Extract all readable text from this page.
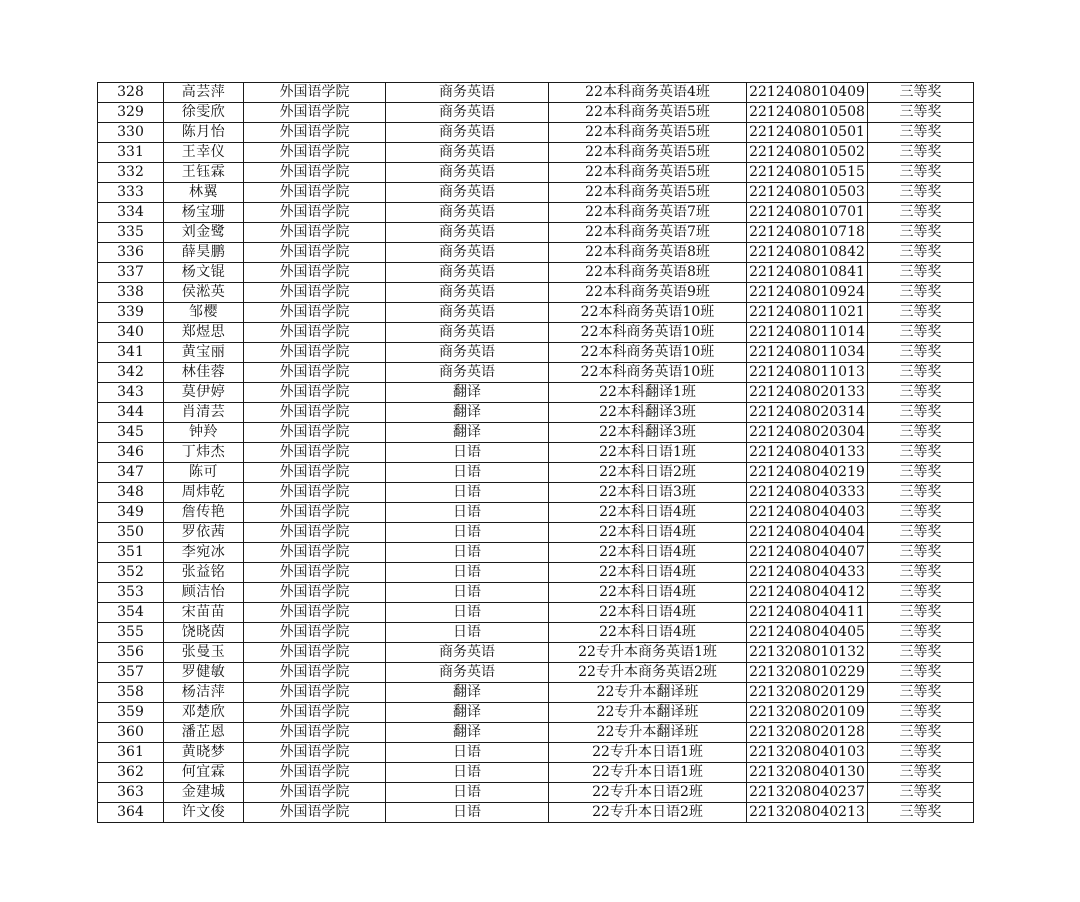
328	高芸萍	外国语学院	商务英语	22本科商务英语4班	2212408010409	三等奖
329	徐雯欣	外国语学院	商务英语	22本科商务英语5班	2212408010508	三等奖
330	陈月怡	外国语学院	商务英语	22本科商务英语5班	2212408010501	三等奖
331	王幸仪	外国语学院	商务英语	22本科商务英语5班	2212408010502	三等奖
332	王钰霖	外国语学院	商务英语	22本科商务英语5班	2212408010515	三等奖
333	林翼	外国语学院	商务英语	22本科商务英语5班	2212408010503	三等奖
334	杨宝珊	外国语学院	商务英语	22本科商务英语7班	2212408010701	三等奖
335	刘金鹭	外国语学院	商务英语	22本科商务英语7班	2212408010718	三等奖
336	薛昊鹏	外国语学院	商务英语	22本科商务英语8班	2212408010842	三等奖
337	杨文锟	外国语学院	商务英语	22本科商务英语8班	2212408010841	三等奖
338	侯淞英	外国语学院	商务英语	22本科商务英语9班	2212408010924	三等奖
339	邹樱	外国语学院	商务英语	22本科商务英语10班	2212408011021	三等奖
340	郑煜思	外国语学院	商务英语	22本科商务英语10班	2212408011014	三等奖
341	黄宝丽	外国语学院	商务英语	22本科商务英语10班	2212408011034	三等奖
342	林佳蓉	外国语学院	商务英语	22本科商务英语10班	2212408011013	三等奖
343	莫伊婷	外国语学院	翻译	22本科翻译1班	2212408020133	三等奖
344	肖清芸	外国语学院	翻译	22本科翻译3班	2212408020314	三等奖
345	钟羚	外国语学院	翻译	22本科翻译3班	2212408020304	三等奖
346	丁炜杰	外国语学院	日语	22本科日语1班	2212408040133	三等奖
347	陈可	外国语学院	日语	22本科日语2班	2212408040219	三等奖
348	周炜乾	外国语学院	日语	22本科日语3班	2212408040333	三等奖
349	詹传艳	外国语学院	日语	22本科日语4班	2212408040403	三等奖
350	罗依茜	外国语学院	日语	22本科日语4班	2212408040404	三等奖
351	李宛冰	外国语学院	日语	22本科日语4班	2212408040407	三等奖
352	张益铭	外国语学院	日语	22本科日语4班	2212408040433	三等奖
353	顾洁怡	外国语学院	日语	22本科日语4班	2212408040412	三等奖
354	宋苗苗	外国语学院	日语	22本科日语4班	2212408040411	三等奖
355	饶晓茵	外国语学院	日语	22本科日语4班	2212408040405	三等奖
356	张曼玉	外国语学院	商务英语	22专升本商务英语1班	2213208010132	三等奖
357	罗健敏	外国语学院	商务英语	22专升本商务英语2班	2213208010229	三等奖
358	杨洁萍	外国语学院	翻译	22专升本翻译班	2213208020129	三等奖
359	邓楚欣	外国语学院	翻译	22专升本翻译班	2213208020109	三等奖
360	潘芷恩	外国语学院	翻译	22专升本翻译班	2213208020128	三等奖
361	黄晓梦	外国语学院	日语	22专升本日语1班	2213208040103	三等奖
362	何宜霖	外国语学院	日语	22专升本日语1班	2213208040130	三等奖
363	金建城	外国语学院	日语	22专升本日语2班	2213208040237	三等奖
364	许文俊	外国语学院	日语	22专升本日语2班	2213208040213	三等奖
